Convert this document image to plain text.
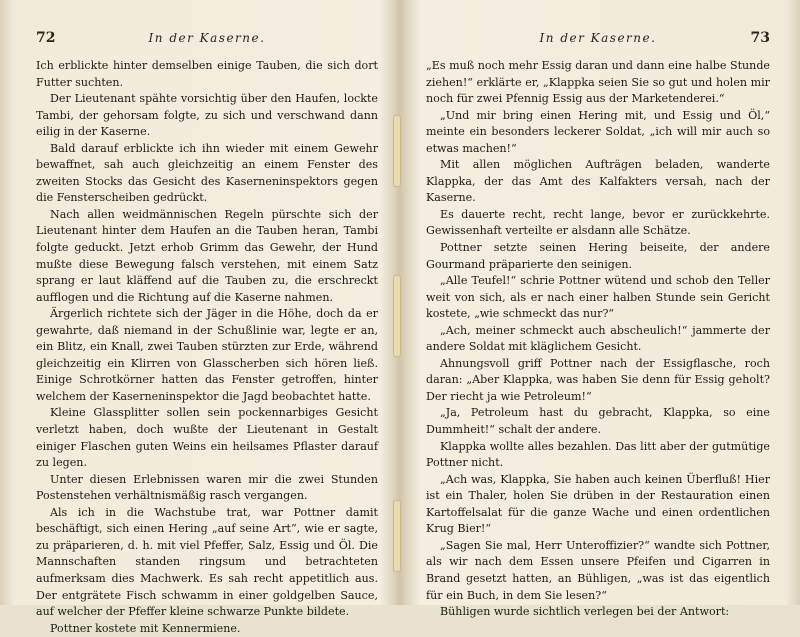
72	In der Kaserne.

Ich erblickte hinter demselben einige Tauben, die sich dort Futter suchten.

Der Lieutenant spähte vorsichtig über den Haufen, lockte Tambi, der gehorsam folgte, zu sich und verschwand dann eilig in der Kaserne.

Bald darauf erblickte ich ihn wieder mit einem Gewehr bewaffnet, sah auch gleichzeitig an einem Fenster des zweiten Stocks das Gesicht des Kaserneninspektors gegen die Fensterscheiben gedrückt.

Nach allen weidmännischen Regeln pürschte sich der Lieutenant hinter dem Haufen an die Tauben heran, Tambi folgte geduckt. Jetzt erhob Grimm das Gewehr, der Hund mußte diese Bewegung falsch verstehen, mit einem Satz sprang er laut kläffend auf die Tauben zu, die erschreckt aufflogen und die Richtung auf die Kaserne nahmen.

Ärgerlich richtete sich der Jäger in die Höhe, doch da er gewahrte, daß niemand in der Schußlinie war, legte er an, ein Blitz, ein Knall, zwei Tauben stürzten zur Erde, während gleichzeitig ein Klirren von Glasscherben sich hören ließ. Einige Schrotkörner hatten das Fenster getroffen, hinter welchem der Kaserneninspektor die Jagd beobachtet hatte.

Kleine Glassplitter sollen sein pockennarbiges Gesicht verletzt haben, doch wußte der Lieutenant in Gestalt einiger Flaschen guten Weins ein heilsames Pflaster darauf zu legen.

Unter diesen Erlebnissen waren mir die zwei Stunden Postenstehen verhältnismäßig rasch vergangen.

Als ich in die Wachstube trat, war Pottner damit beschäftigt, sich einen Hering „auf seine Art“, wie er sagte, zu präparieren, d. h. mit viel Pfeffer, Salz, Essig und Öl. Die Mannschaften standen ringsum und betrachteten aufmerksam dies Machwerk. Es sah recht appetitlich aus. Der entgrätete Fisch schwamm in einer goldgelben Sauce, auf welcher der Pfeffer kleine schwarze Punkte bildete.

Pottner kostete mit Kennermiene.

In der Kaserne.	73

„Es muß noch mehr Essig daran und dann eine halbe Stunde ziehen!“ erklärte er, „Klappka seien Sie so gut und holen mir noch für zwei Pfennig Essig aus der Marketenderei.“

„Und mir bring einen Hering mit, und Essig und Öl,“ meinte ein besonders leckerer Soldat, „ich will mir auch so etwas machen!“

Mit allen möglichen Aufträgen beladen, wanderte Klappka, der das Amt des Kalfakters versah, nach der Kaserne.

Es dauerte recht, recht lange, bevor er zurückkehrte. Gewissenhaft verteilte er alsdann alle Schätze.

Pottner setzte seinen Hering beiseite, der andere Gourmand präparierte den seinigen.

„Alle Teufel!“ schrie Pottner wütend und schob den Teller weit von sich, als er nach einer halben Stunde sein Gericht kostete, „wie schmeckt das nur?“

„Ach, meiner schmeckt auch abscheulich!“ jammerte der andere Soldat mit kläglichem Gesicht.

Ahnungsvoll griff Pottner nach der Essigflasche, roch daran: „Aber Klappka, was haben Sie denn für Essig geholt? Der riecht ja wie Petroleum!“

„Ja, Petroleum hast du gebracht, Klappka, so eine Dummheit!“ schalt der andere.

Klappka wollte alles bezahlen. Das litt aber der gutmütige Pottner nicht.

„Ach was, Klappka, Sie haben auch keinen Überfluß! Hier ist ein Thaler, holen Sie drüben in der Restauration einen Kartoffelsalat für die ganze Wache und einen ordentlichen Krug Bier!“

„Sagen Sie mal, Herr Unteroffizier?“ wandte sich Pottner, als wir nach dem Essen unsere Pfeifen und Cigarren in Brand gesetzt hatten, an Bühligen, „was ist das eigentlich für ein Buch, in dem Sie lesen?“

Bühligen wurde sichtlich verlegen bei der Antwort:
